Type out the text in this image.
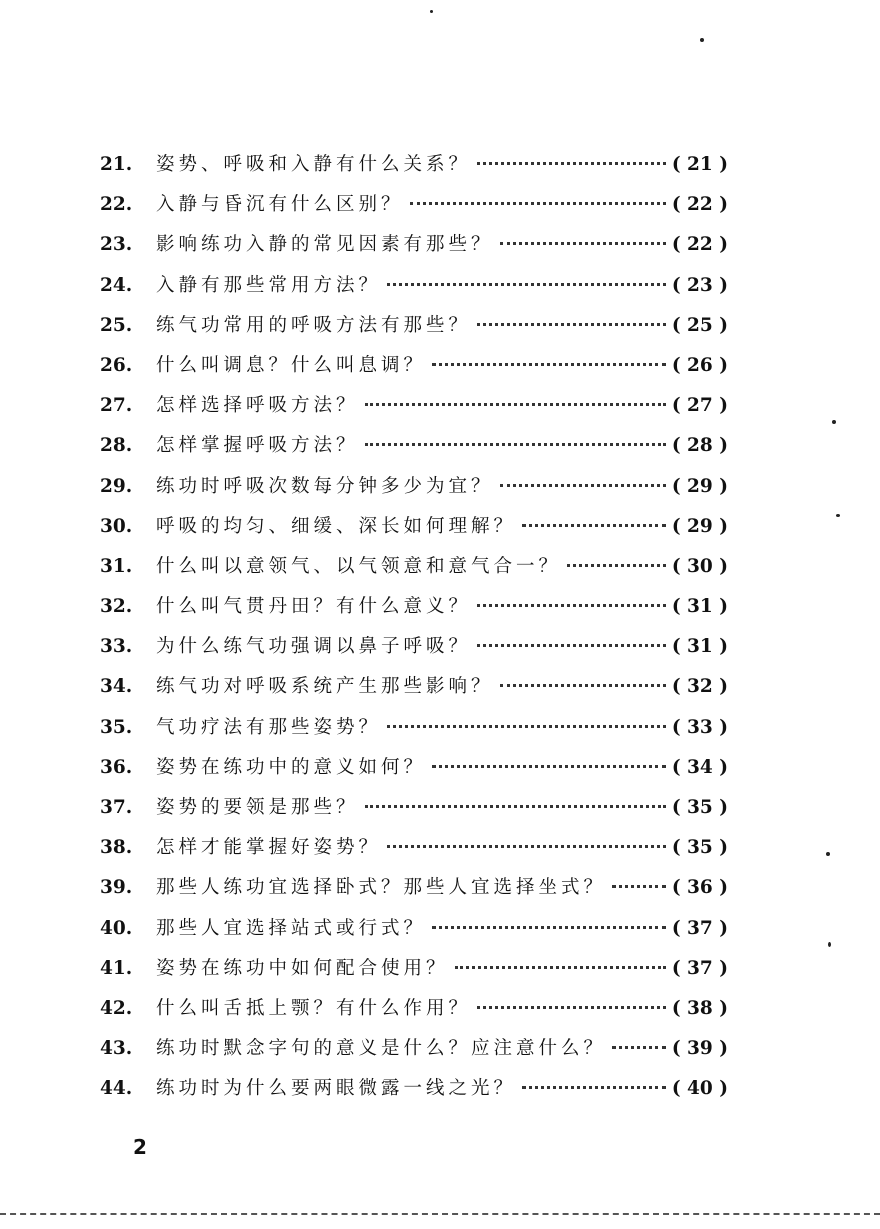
21.	姿势、呼吸和入静有什么关系？	( 21 )
22.	入静与昏沉有什么区别？	( 22 )
23.	影响练功入静的常见因素有那些？	( 22 )
24.	入静有那些常用方法？	( 23 )
25.	练气功常用的呼吸方法有那些？	( 25 )
26.	什么叫调息？什么叫息调？	( 26 )
27.	怎样选择呼吸方法？	( 27 )
28.	怎样掌握呼吸方法？	( 28 )
29.	练功时呼吸次数每分钟多少为宜？	( 29 )
30.	呼吸的均匀、细缓、深长如何理解？	( 29 )
31.	什么叫以意领气、以气领意和意气合一？	( 30 )
32.	什么叫气贯丹田？有什么意义？	( 31 )
33.	为什么练气功强调以鼻子呼吸？	( 31 )
34.	练气功对呼吸系统产生那些影响？	( 32 )
35.	气功疗法有那些姿势？	( 33 )
36.	姿势在练功中的意义如何？	( 34 )
37.	姿势的要领是那些？	( 35 )
38.	怎样才能掌握好姿势？	( 35 )
39.	那些人练功宜选择卧式？那些人宜选择坐式？	( 36 )
40.	那些人宜选择站式或行式？	( 37 )
41.	姿势在练功中如何配合使用？	( 37 )
42.	什么叫舌抵上颚？有什么作用？	( 38 )
43.	练功时默念字句的意义是什么？应注意什么？	( 39 )
44.	练功时为什么要两眼微露一线之光？	( 40 )
2
